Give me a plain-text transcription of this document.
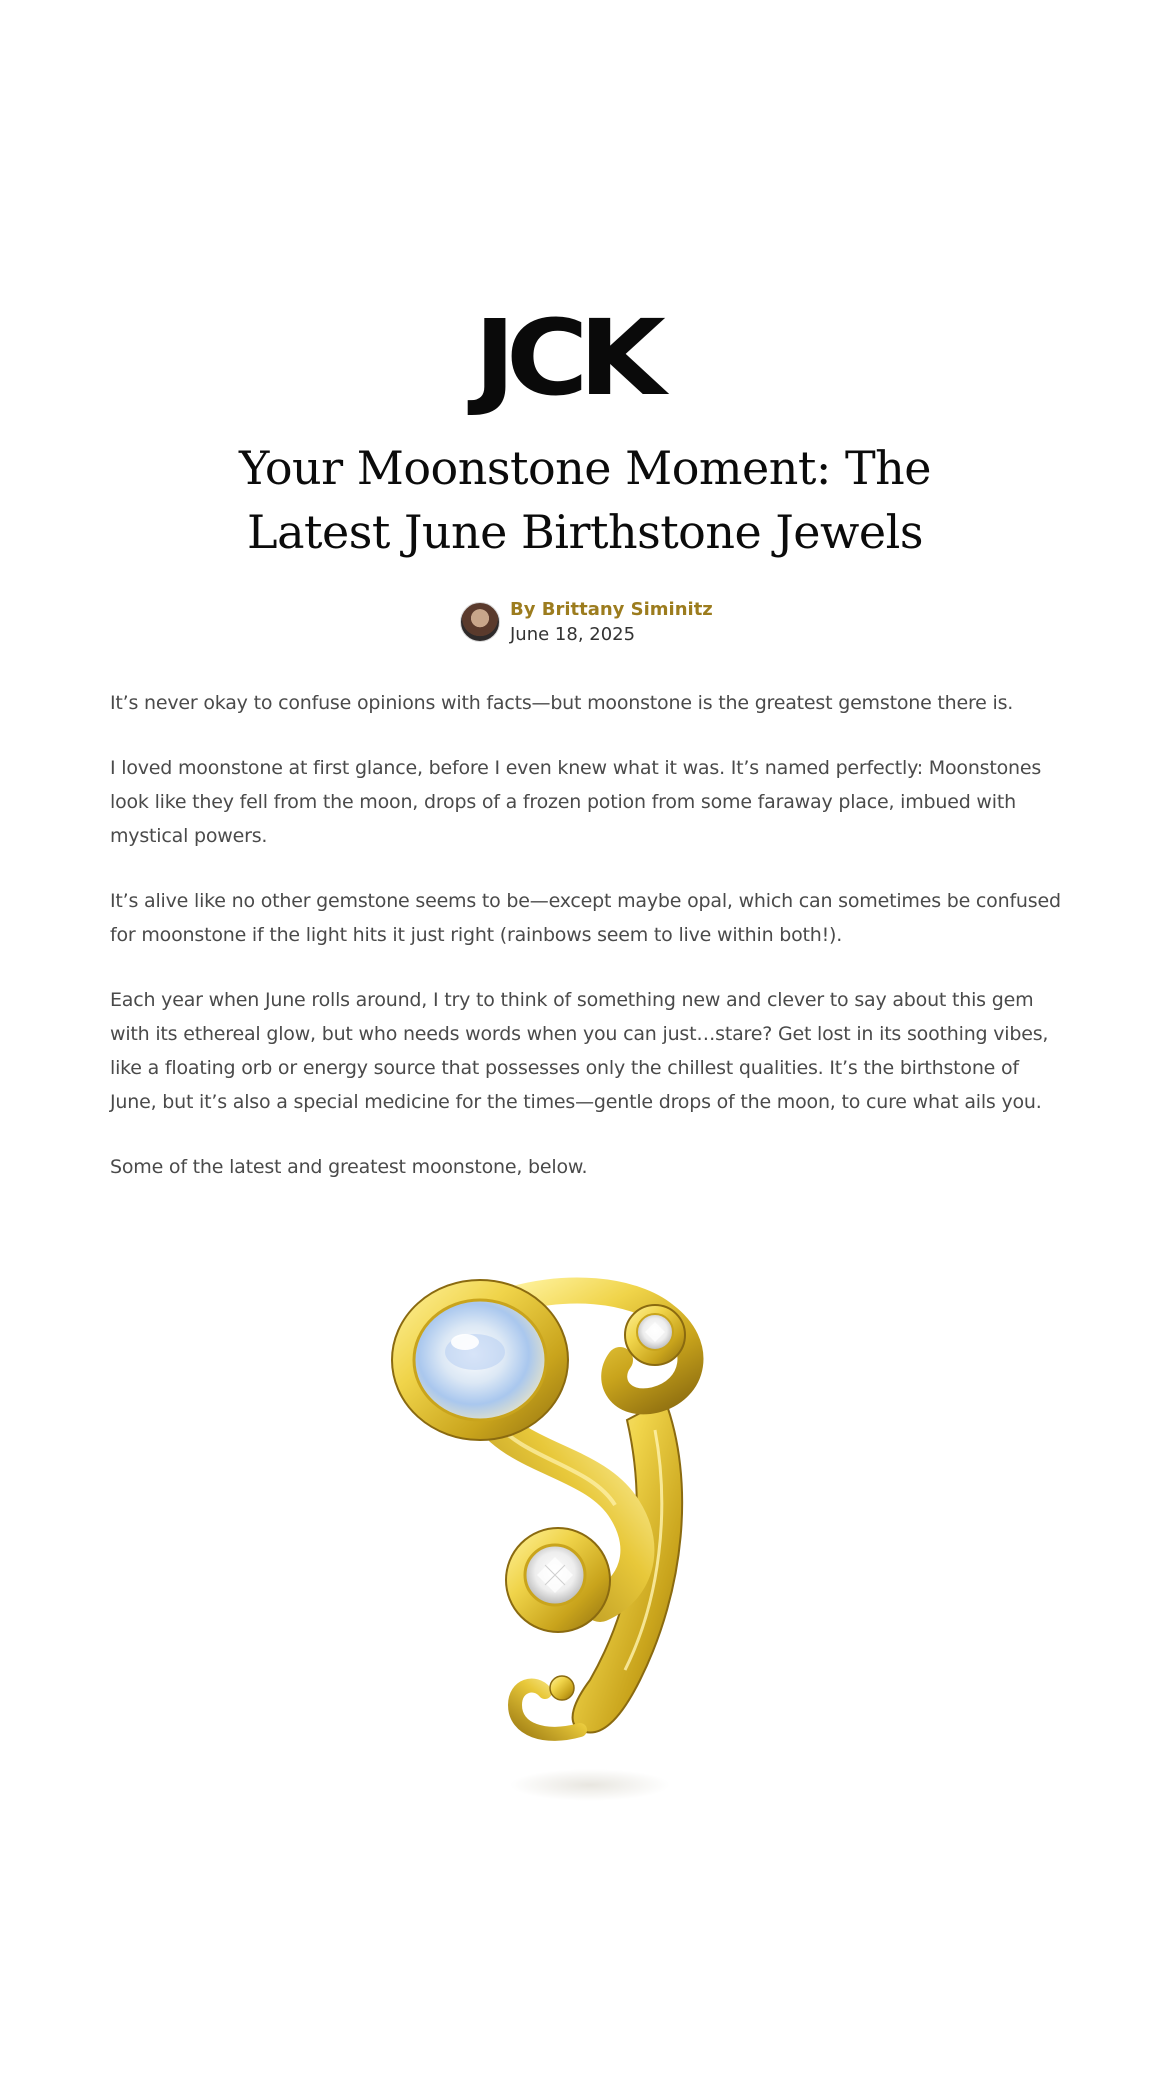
JCK
Your Moonstone Moment: The Latest June Birthstone Jewels
By Brittany Siminitz
June 18, 2025

It’s never okay to confuse opinions with facts—but moonstone is the greatest gemstone there is.

I loved moonstone at first glance, before I even knew what it was. It’s named perfectly: Moonstones look like they fell from the moon, drops of a frozen potion from some faraway place, imbued with mystical powers.

It’s alive like no other gemstone seems to be—except maybe opal, which can sometimes be confused for moonstone if the light hits it just right (rainbows seem to live within both!).

Each year when June rolls around, I try to think of something new and clever to say about this gem with its ethereal glow, but who needs words when you can just…stare? Get lost in its soothing vibes, like a floating orb or energy source that possesses only the chillest qualities. It’s the birthstone of June, but it’s also a special medicine for the times—gentle drops of the moon, to cure what ails you.

Some of the latest and greatest moonstone, below.
